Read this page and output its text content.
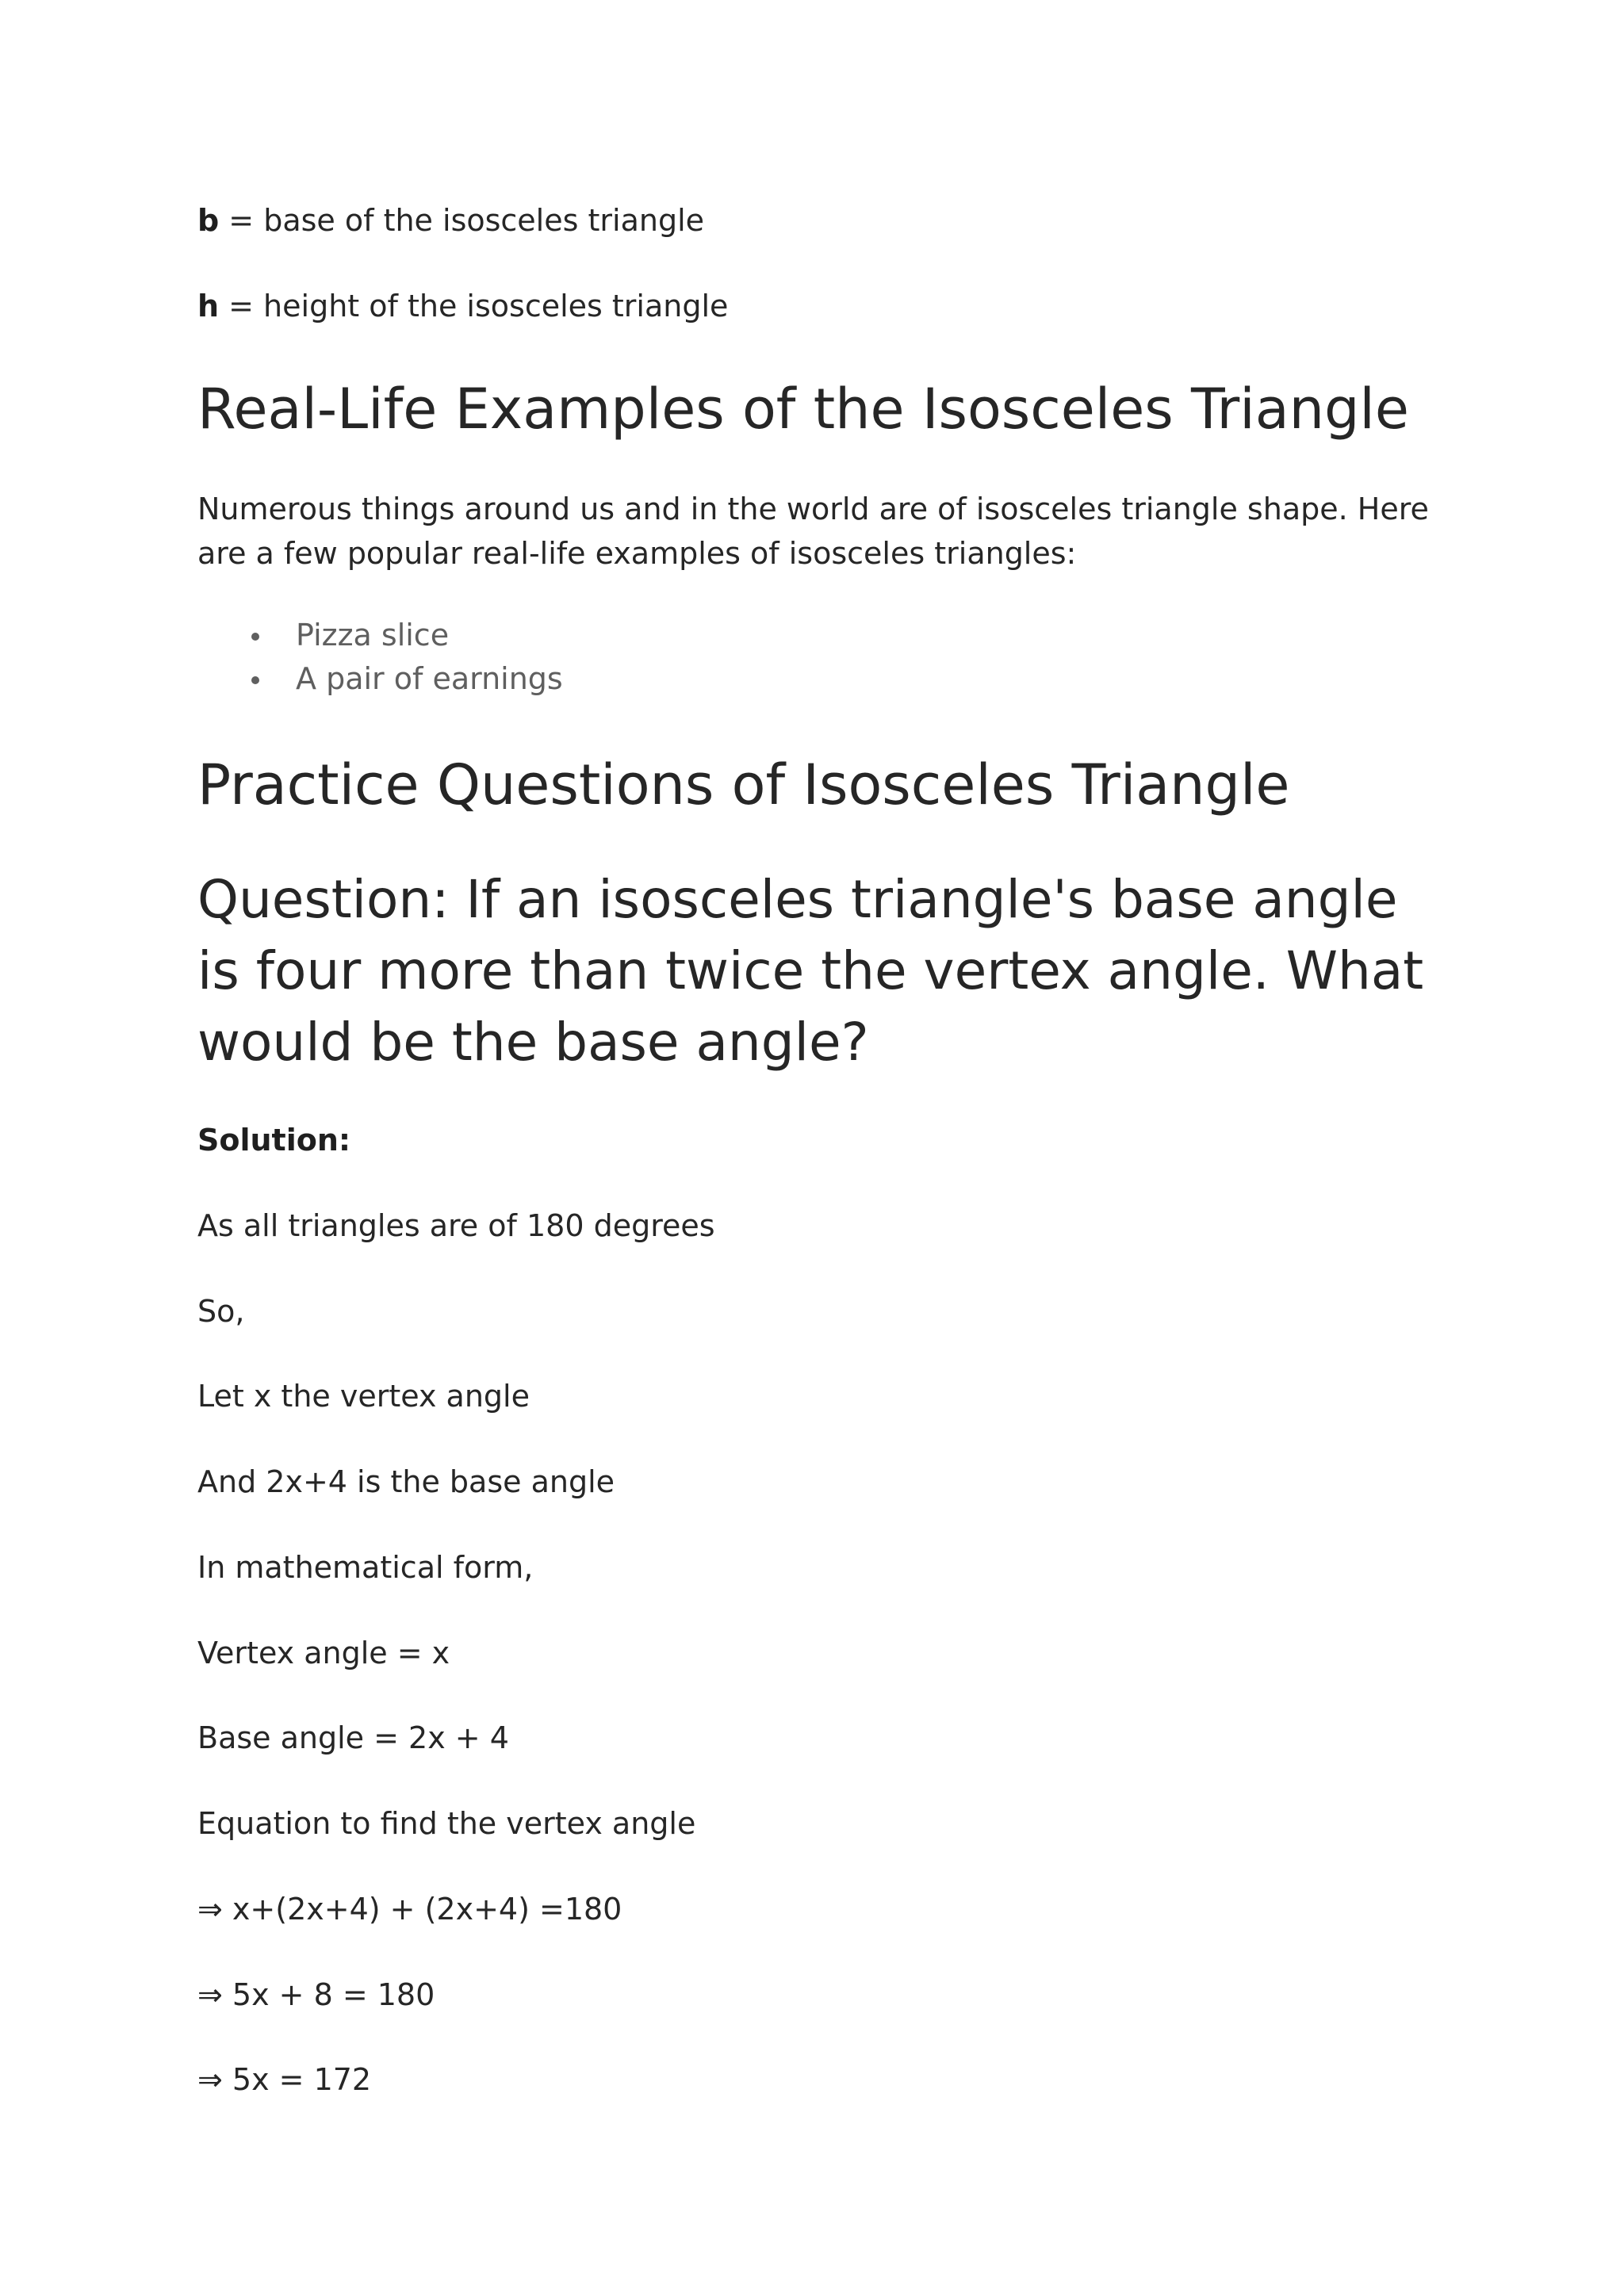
b = base of the isosceles triangle
h = height of the isosceles triangle
Real-Life Examples of the Isosceles Triangle
Numerous things around us and in the world are of isosceles triangle shape. Here are a few popular real-life examples of isosceles triangles:
Pizza slice
A pair of earnings
Practice Questions of Isosceles Triangle
Question: If an isosceles triangle's base angle is four more than twice the vertex angle. What would be the base angle?
Solution:
As all triangles are of 180 degrees
So,
Let x the vertex angle
And 2x+4 is the base angle
In mathematical form,
Vertex angle = x
Base angle = 2x + 4
Equation to find the vertex angle
⇒ x+(2x+4) + (2x+4) =180
⇒ 5x + 8 = 180
⇒ 5x = 172
